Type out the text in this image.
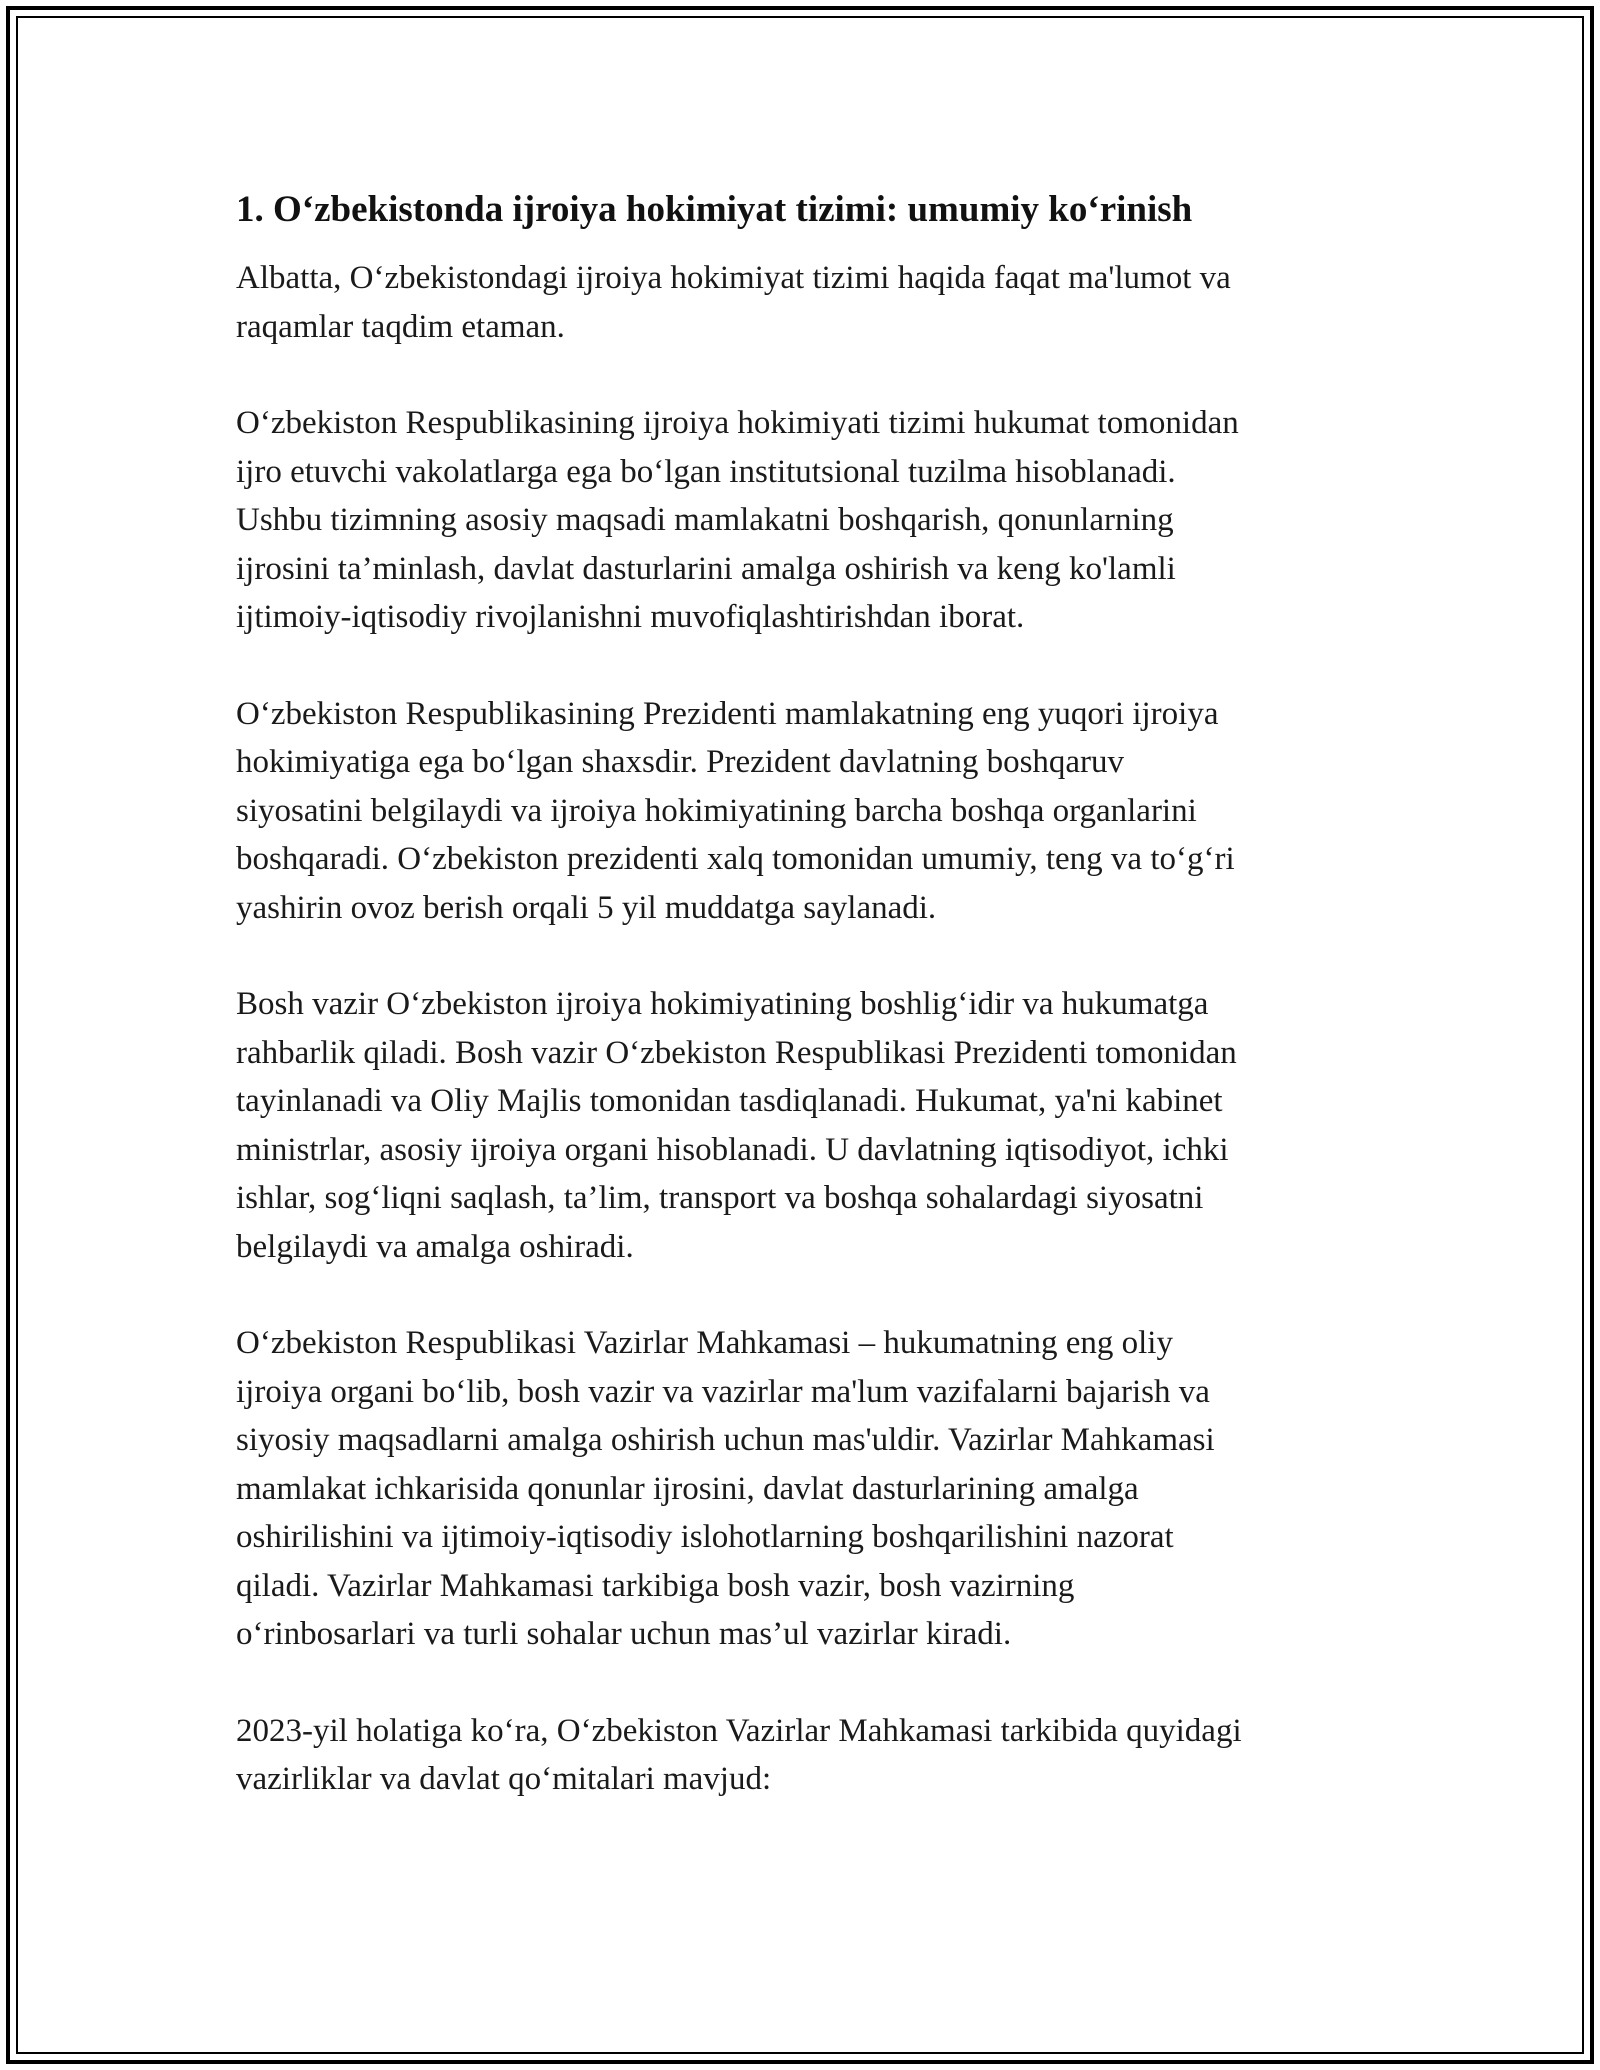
1. O‘zbekistonda ijroiya hokimiyat tizimi: umumiy ko‘rinish

Albatta, O‘zbekistondagi ijroiya hokimiyat tizimi haqida faqat ma'lumot va
raqamlar taqdim etaman.

O‘zbekiston Respublikasining ijroiya hokimiyati tizimi hukumat tomonidan
ijro etuvchi vakolatlarga ega bo‘lgan institutsional tuzilma hisoblanadi.
Ushbu tizimning asosiy maqsadi mamlakatni boshqarish, qonunlarning
ijrosini ta’minlash, davlat dasturlarini amalga oshirish va keng ko'lamli
ijtimoiy-iqtisodiy rivojlanishni muvofiqlashtirishdan iborat.

O‘zbekiston Respublikasining Prezidenti mamlakatning eng yuqori ijroiya
hokimiyatiga ega bo‘lgan shaxsdir. Prezident davlatning boshqaruv
siyosatini belgilaydi va ijroiya hokimiyatining barcha boshqa organlarini
boshqaradi. O‘zbekiston prezidenti xalq tomonidan umumiy, teng va to‘g‘ri
yashirin ovoz berish orqali 5 yil muddatga saylanadi.

Bosh vazir O‘zbekiston ijroiya hokimiyatining boshlig‘idir va hukumatga
rahbarlik qiladi. Bosh vazir O‘zbekiston Respublikasi Prezidenti tomonidan
tayinlanadi va Oliy Majlis tomonidan tasdiqlanadi. Hukumat, ya'ni kabinet
ministrlar, asosiy ijroiya organi hisoblanadi. U davlatning iqtisodiyot, ichki
ishlar, sog‘liqni saqlash, ta’lim, transport va boshqa sohalardagi siyosatni
belgilaydi va amalga oshiradi.

O‘zbekiston Respublikasi Vazirlar Mahkamasi – hukumatning eng oliy
ijroiya organi bo‘lib, bosh vazir va vazirlar ma'lum vazifalarni bajarish va
siyosiy maqsadlarni amalga oshirish uchun mas'uldir. Vazirlar Mahkamasi
mamlakat ichkarisida qonunlar ijrosini, davlat dasturlarining amalga
oshirilishini va ijtimoiy-iqtisodiy islohotlarning boshqarilishini nazorat
qiladi. Vazirlar Mahkamasi tarkibiga bosh vazir, bosh vazirning
o‘rinbosarlari va turli sohalar uchun mas’ul vazirlar kiradi.

2023-yil holatiga ko‘ra, O‘zbekiston Vazirlar Mahkamasi tarkibida quyidagi
vazirliklar va davlat qo‘mitalari mavjud:
